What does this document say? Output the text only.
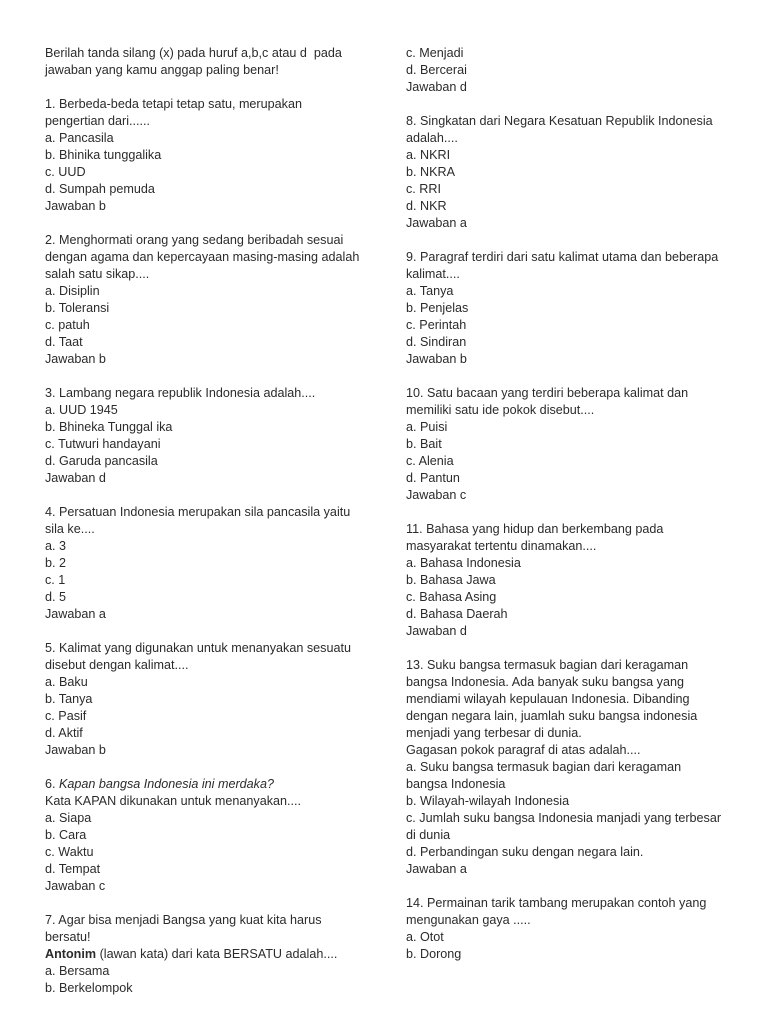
Berilah tanda silang (x) pada huruf a,b,c atau d  pada
jawaban yang kamu anggap paling benar!
1. Berbeda-beda tetapi tetap satu, merupakan
pengertian dari......
a. Pancasila
b. Bhinika tunggalika
c. UUD
d. Sumpah pemuda
Jawaban b
2. Menghormati orang yang sedang beribadah sesuai
dengan agama dan kepercayaan masing-masing adalah
salah satu sikap....
a. Disiplin
b. Toleransi
c. patuh
d. Taat
Jawaban b
3. Lambang negara republik Indonesia adalah....
a. UUD 1945
b. Bhineka Tunggal ika
c. Tutwuri handayani
d. Garuda pancasila
Jawaban d
4. Persatuan Indonesia merupakan sila pancasila yaitu
sila ke....
a. 3
b. 2
c. 1
d. 5
Jawaban a
5. Kalimat yang digunakan untuk menanyakan sesuatu
disebut dengan kalimat....
a. Baku
b. Tanya
c. Pasif
d. Aktif
Jawaban b
6. Kapan bangsa Indonesia ini merdaka?
Kata KAPAN dikunakan untuk menanyakan....
a. Siapa
b. Cara
c. Waktu
d. Tempat
Jawaban c
7. Agar bisa menjadi Bangsa yang kuat kita harus
bersatu!
Antonim (lawan kata) dari kata BERSATU adalah....
a. Bersama
b. Berkelompok
c. Menjadi
d. Bercerai
Jawaban d
8. Singkatan dari Negara Kesatuan Republik Indonesia
adalah....
a. NKRI
b. NKRA
c. RRI
d. NKR
Jawaban a
9. Paragraf terdiri dari satu kalimat utama dan beberapa
kalimat....
a. Tanya
b. Penjelas
c. Perintah
d. Sindiran
Jawaban b
10. Satu bacaan yang terdiri beberapa kalimat dan
memiliki satu ide pokok disebut....
a. Puisi
b. Bait
c. Alenia
d. Pantun
Jawaban c
11. Bahasa yang hidup dan berkembang pada
masyarakat tertentu dinamakan....
a. Bahasa Indonesia
b. Bahasa Jawa
c. Bahasa Asing
d. Bahasa Daerah
Jawaban d
13. Suku bangsa termasuk bagian dari keragaman
bangsa Indonesia. Ada banyak suku bangsa yang
mendiami wilayah kepulauan Indonesia. Dibanding
dengan negara lain, juamlah suku bangsa indonesia
menjadi yang terbesar di dunia.
Gagasan pokok paragraf di atas adalah....
a. Suku bangsa termasuk bagian dari keragaman
bangsa Indonesia
b. Wilayah-wilayah Indonesia
c. Jumlah suku bangsa Indonesia manjadi yang terbesar
di dunia
d. Perbandingan suku dengan negara lain.
Jawaban a
14. Permainan tarik tambang merupakan contoh yang
mengunakan gaya .....
a. Otot
b. Dorong
